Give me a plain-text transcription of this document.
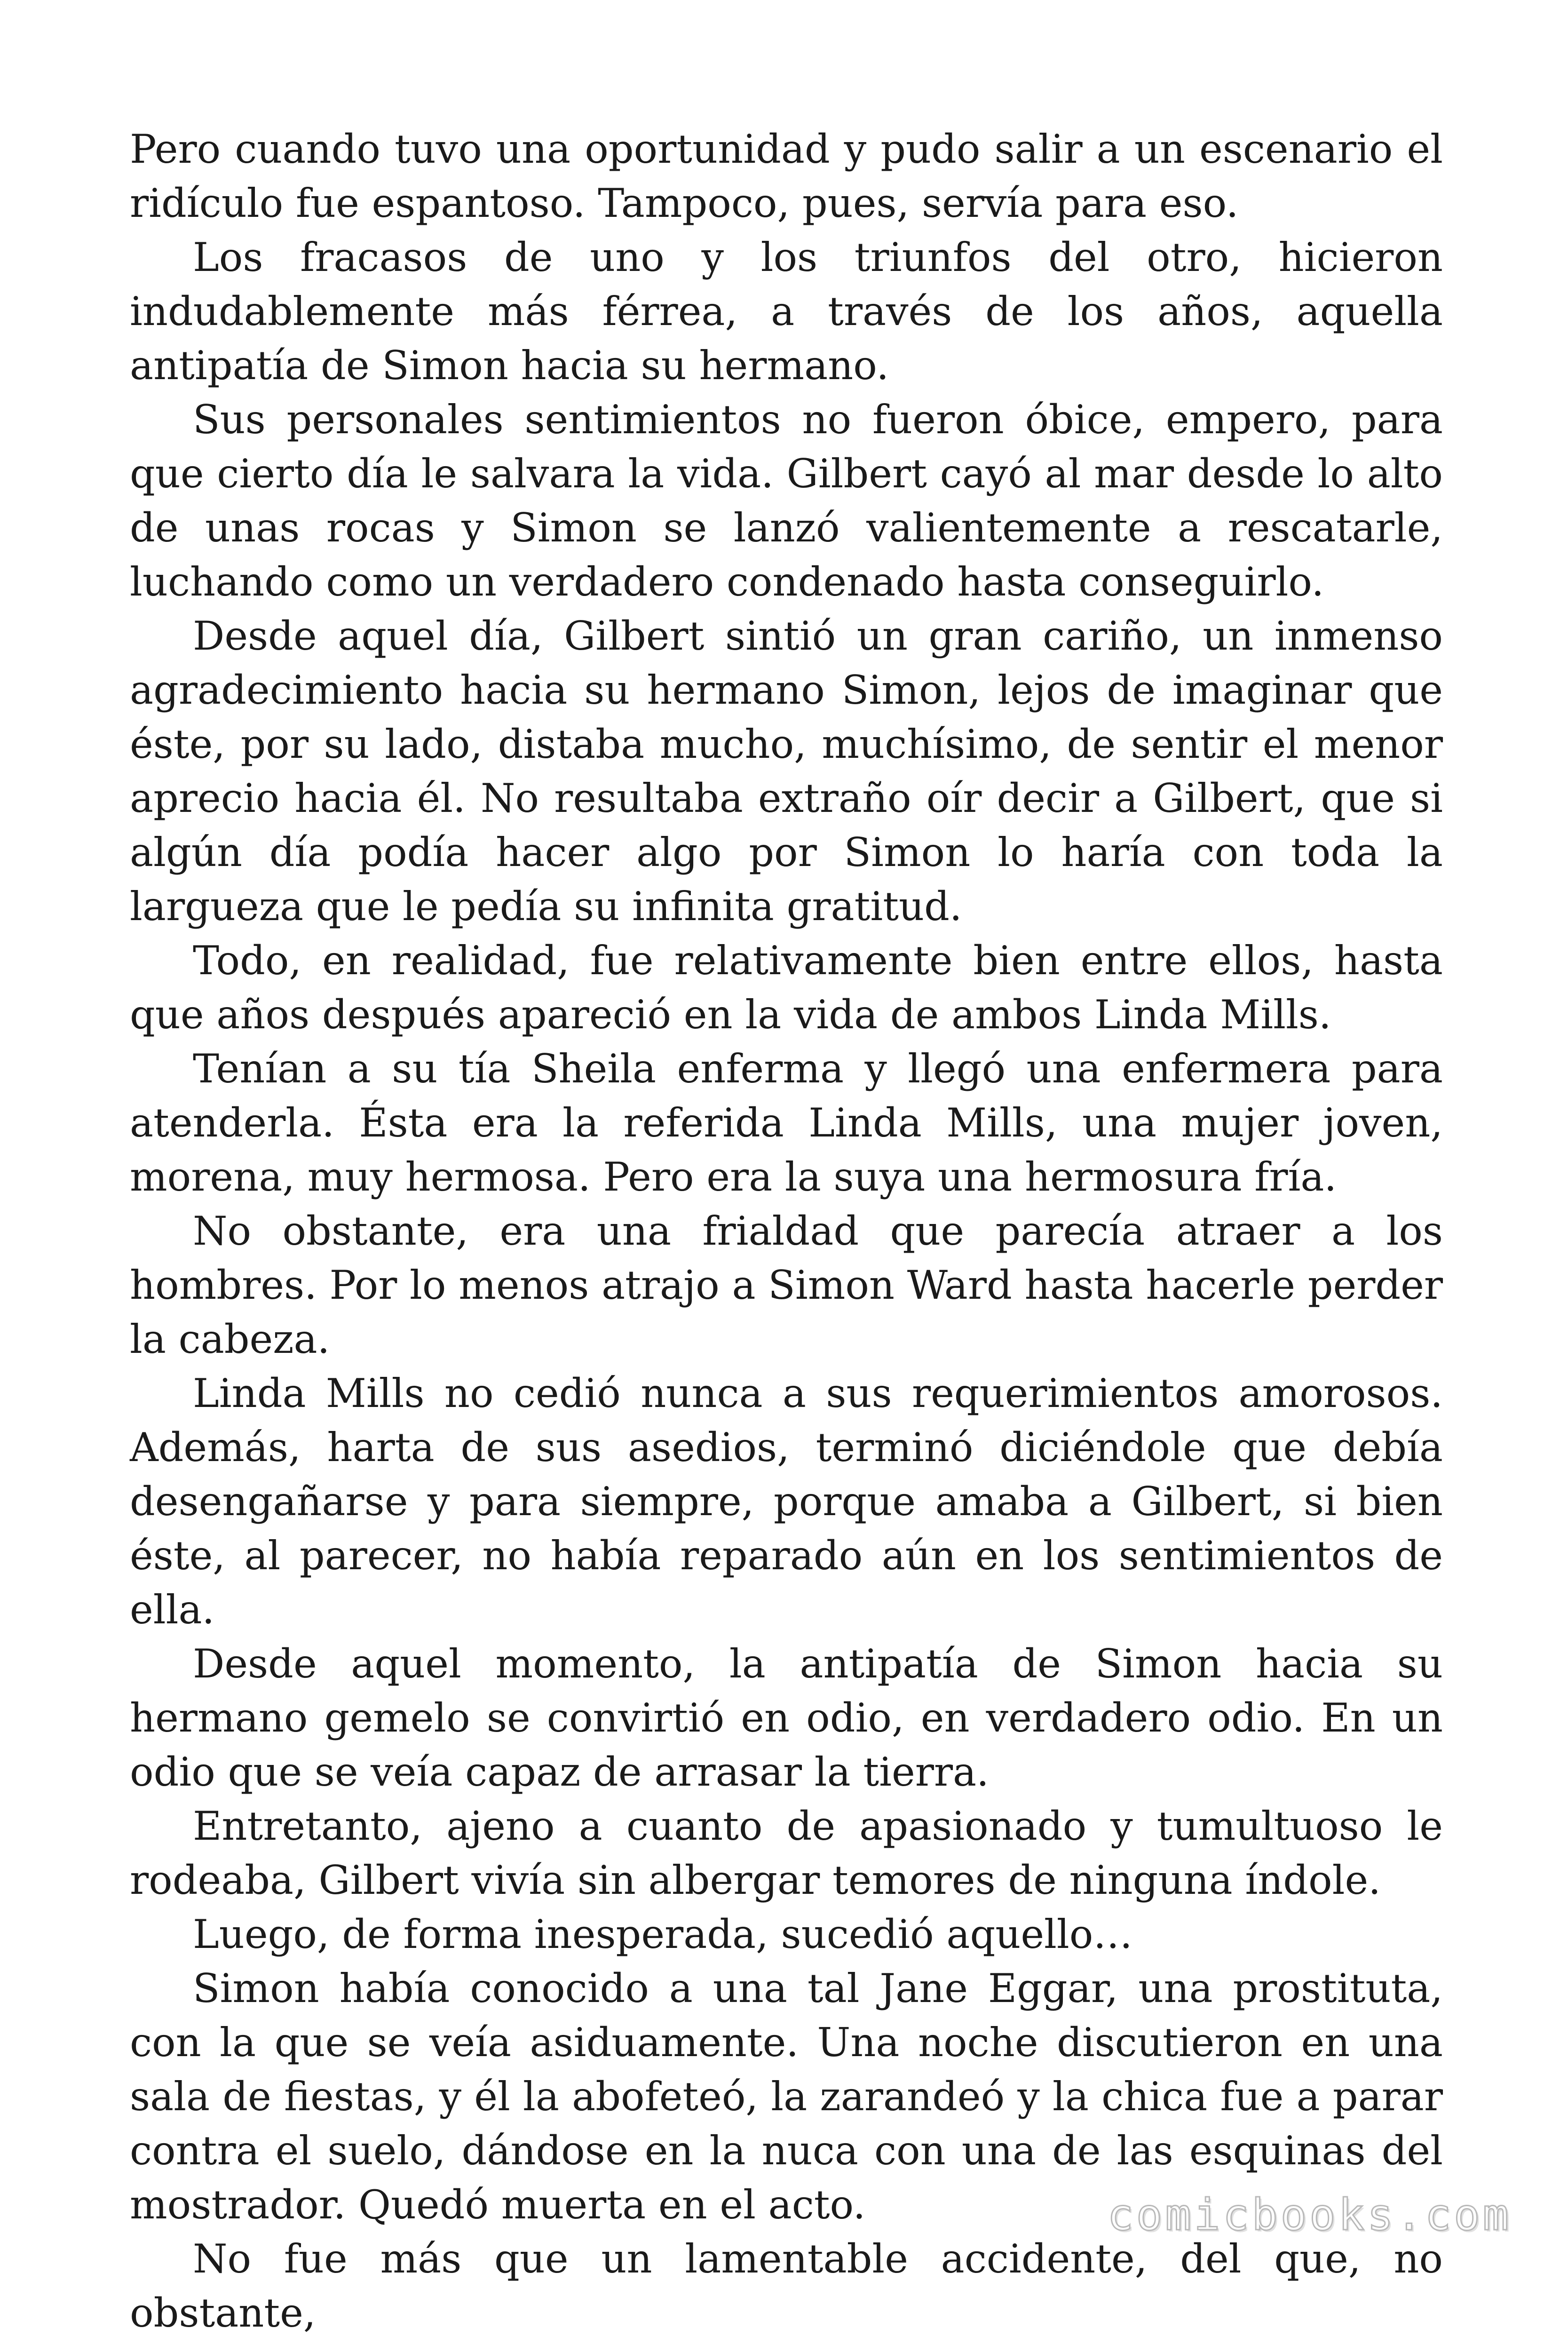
Pero cuando tuvo una oportunidad y pudo salir a un escenario el ridículo fue espantoso. Tampoco, pues, servía para eso.

Los fracasos de uno y los triunfos del otro, hicieron indudablemente más férrea, a través de los años, aquella antipatía de Simon hacia su hermano.

Sus personales sentimientos no fueron óbice, empero, para que cierto día le salvara la vida. Gilbert cayó al mar desde lo alto de unas rocas y Simon se lanzó valientemente a rescatarle, luchando como un verdadero condenado hasta conseguirlo.

Desde aquel día, Gilbert sintió un gran cariño, un inmenso agradecimiento hacia su hermano Simon, lejos de imaginar que éste, por su lado, distaba mucho, muchísimo, de sentir el menor aprecio hacia él. No resultaba extraño oír decir a Gilbert, que si algún día podía hacer algo por Simon lo haría con toda la largueza que le pedía su infinita gratitud.

Todo, en realidad, fue relativamente bien entre ellos, hasta que años después apareció en la vida de ambos Linda Mills.

Tenían a su tía Sheila enferma y llegó una enfermera para atenderla. Ésta era la referida Linda Mills, una mujer joven, morena, muy hermosa. Pero era la suya una hermosura fría.

No obstante, era una frialdad que parecía atraer a los hombres. Por lo menos atrajo a Simon Ward hasta hacerle perder la cabeza.

Linda Mills no cedió nunca a sus requerimientos amorosos. Además, harta de sus asedios, terminó diciéndole que debía desengañarse y para siempre, porque amaba a Gilbert, si bien éste, al parecer, no había reparado aún en los sentimientos de ella.

Desde aquel momento, la antipatía de Simon hacia su hermano gemelo se convirtió en odio, en verdadero odio. En un odio que se veía capaz de arrasar la tierra.

Entretanto, ajeno a cuanto de apasionado y tumultuoso le rodeaba, Gilbert vivía sin albergar temores de ninguna índole.

Luego, de forma inesperada, sucedió aquello…

Simon había conocido a una tal Jane Eggar, una prostituta, con la que se veía asiduamente. Una noche discutieron en una sala de fiestas, y él la abofeteó, la zarandeó y la chica fue a parar contra el suelo, dándose en la nuca con una de las esquinas del mostrador. Quedó muerta en el acto.

No fue más que un lamentable accidente, del que, no obstante,

comicbooks.com
